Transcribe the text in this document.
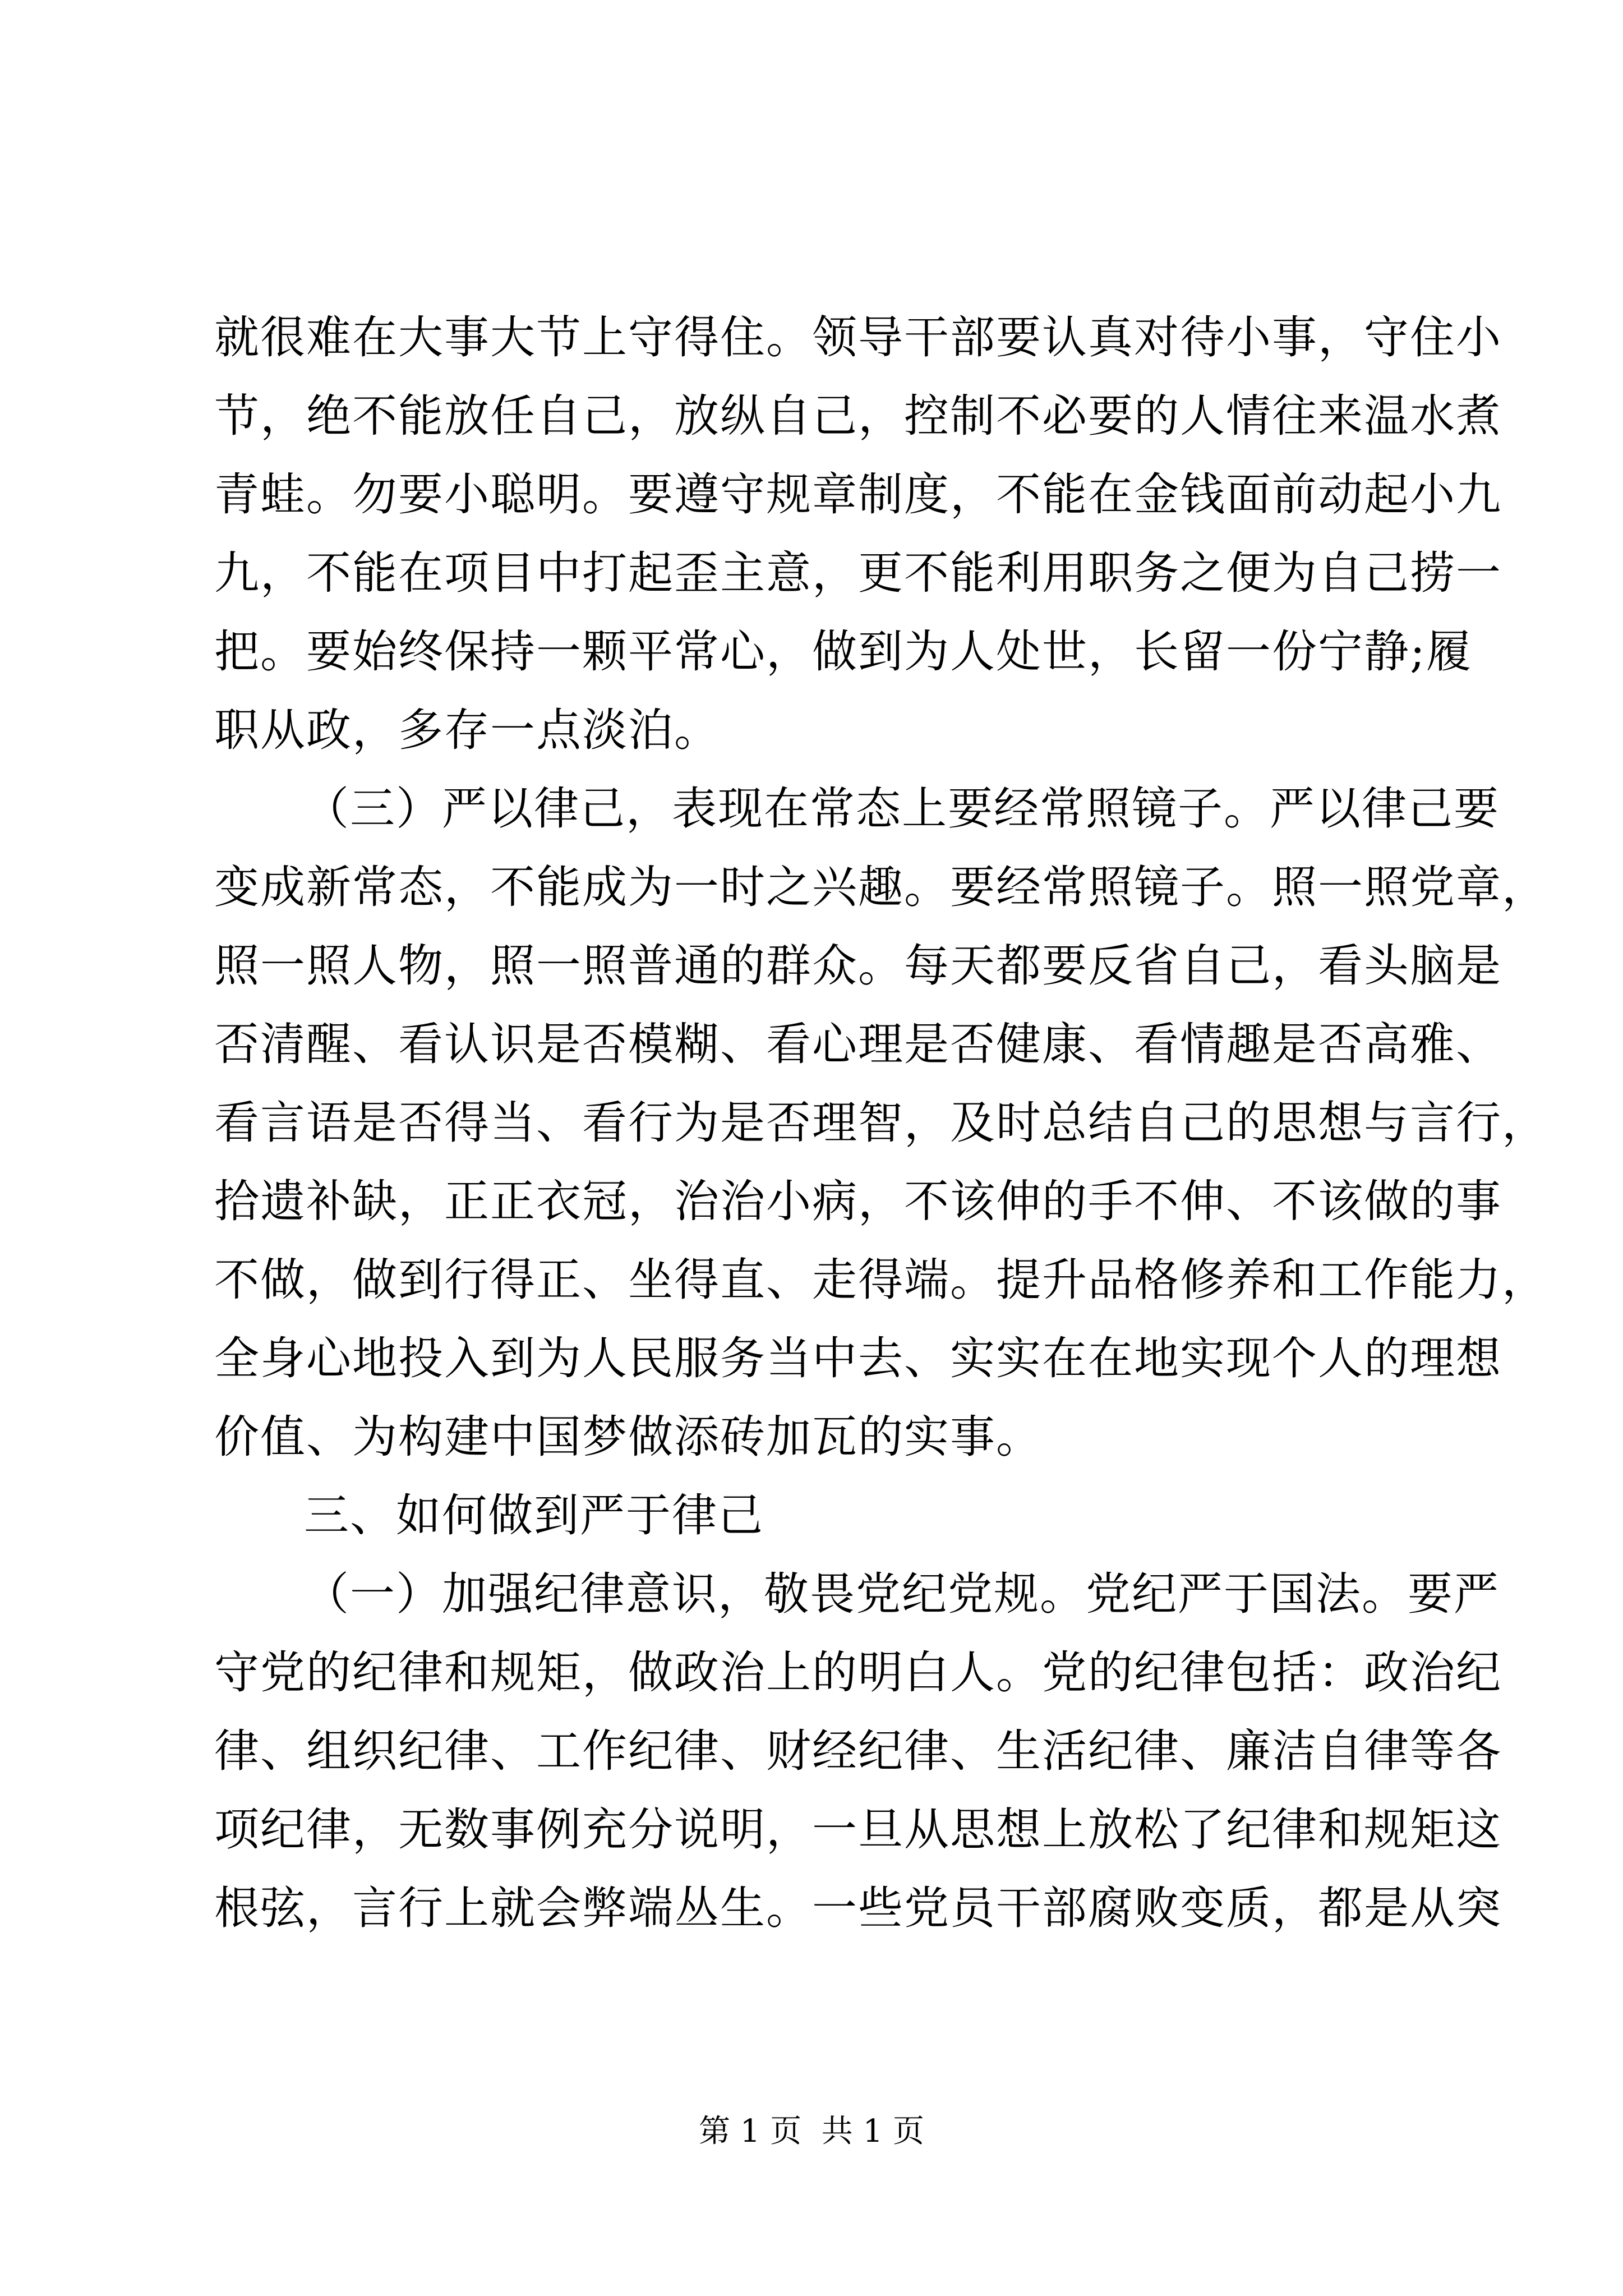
就很难在大事大节上守得住。领导干部要认真对待小事，守住小
节，绝不能放任自己，放纵自己，控制不必要的人情往来温水煮
青蛙。勿要小聪明。要遵守规章制度，不能在金钱面前动起小九
九，不能在项目中打起歪主意，更不能利用职务之便为自己捞一
把。要始终保持一颗平常心，做到为人处世，长留一份宁静;履
职从政，多存一点淡泊。
（三）严以律己，表现在常态上要经常照镜子。严以律己要
变成新常态，不能成为一时之兴趣。要经常照镜子。照一照党章，
照一照人物，照一照普通的群众。每天都要反省自己，看头脑是
否清醒、看认识是否模糊、看心理是否健康、看情趣是否高雅、
看言语是否得当、看行为是否理智，及时总结自己的思想与言行，
拾遗补缺，正正衣冠，治治小病，不该伸的手不伸、不该做的事
不做，做到行得正、坐得直、走得端。提升品格修养和工作能力，
全身心地投入到为人民服务当中去、实实在在地实现个人的理想
价值、为构建中国梦做添砖加瓦的实事。
三、如何做到严于律己
（一）加强纪律意识，敬畏党纪党规。党纪严于国法。要严
守党的纪律和规矩，做政治上的明白人。党的纪律包括：政治纪
律、组织纪律、工作纪律、财经纪律、生活纪律、廉洁自律等各
项纪律，无数事例充分说明，一旦从思想上放松了纪律和规矩这
根弦，言行上就会弊端丛生。一些党员干部腐败变质，都是从突
第 1 页  共 1 页
